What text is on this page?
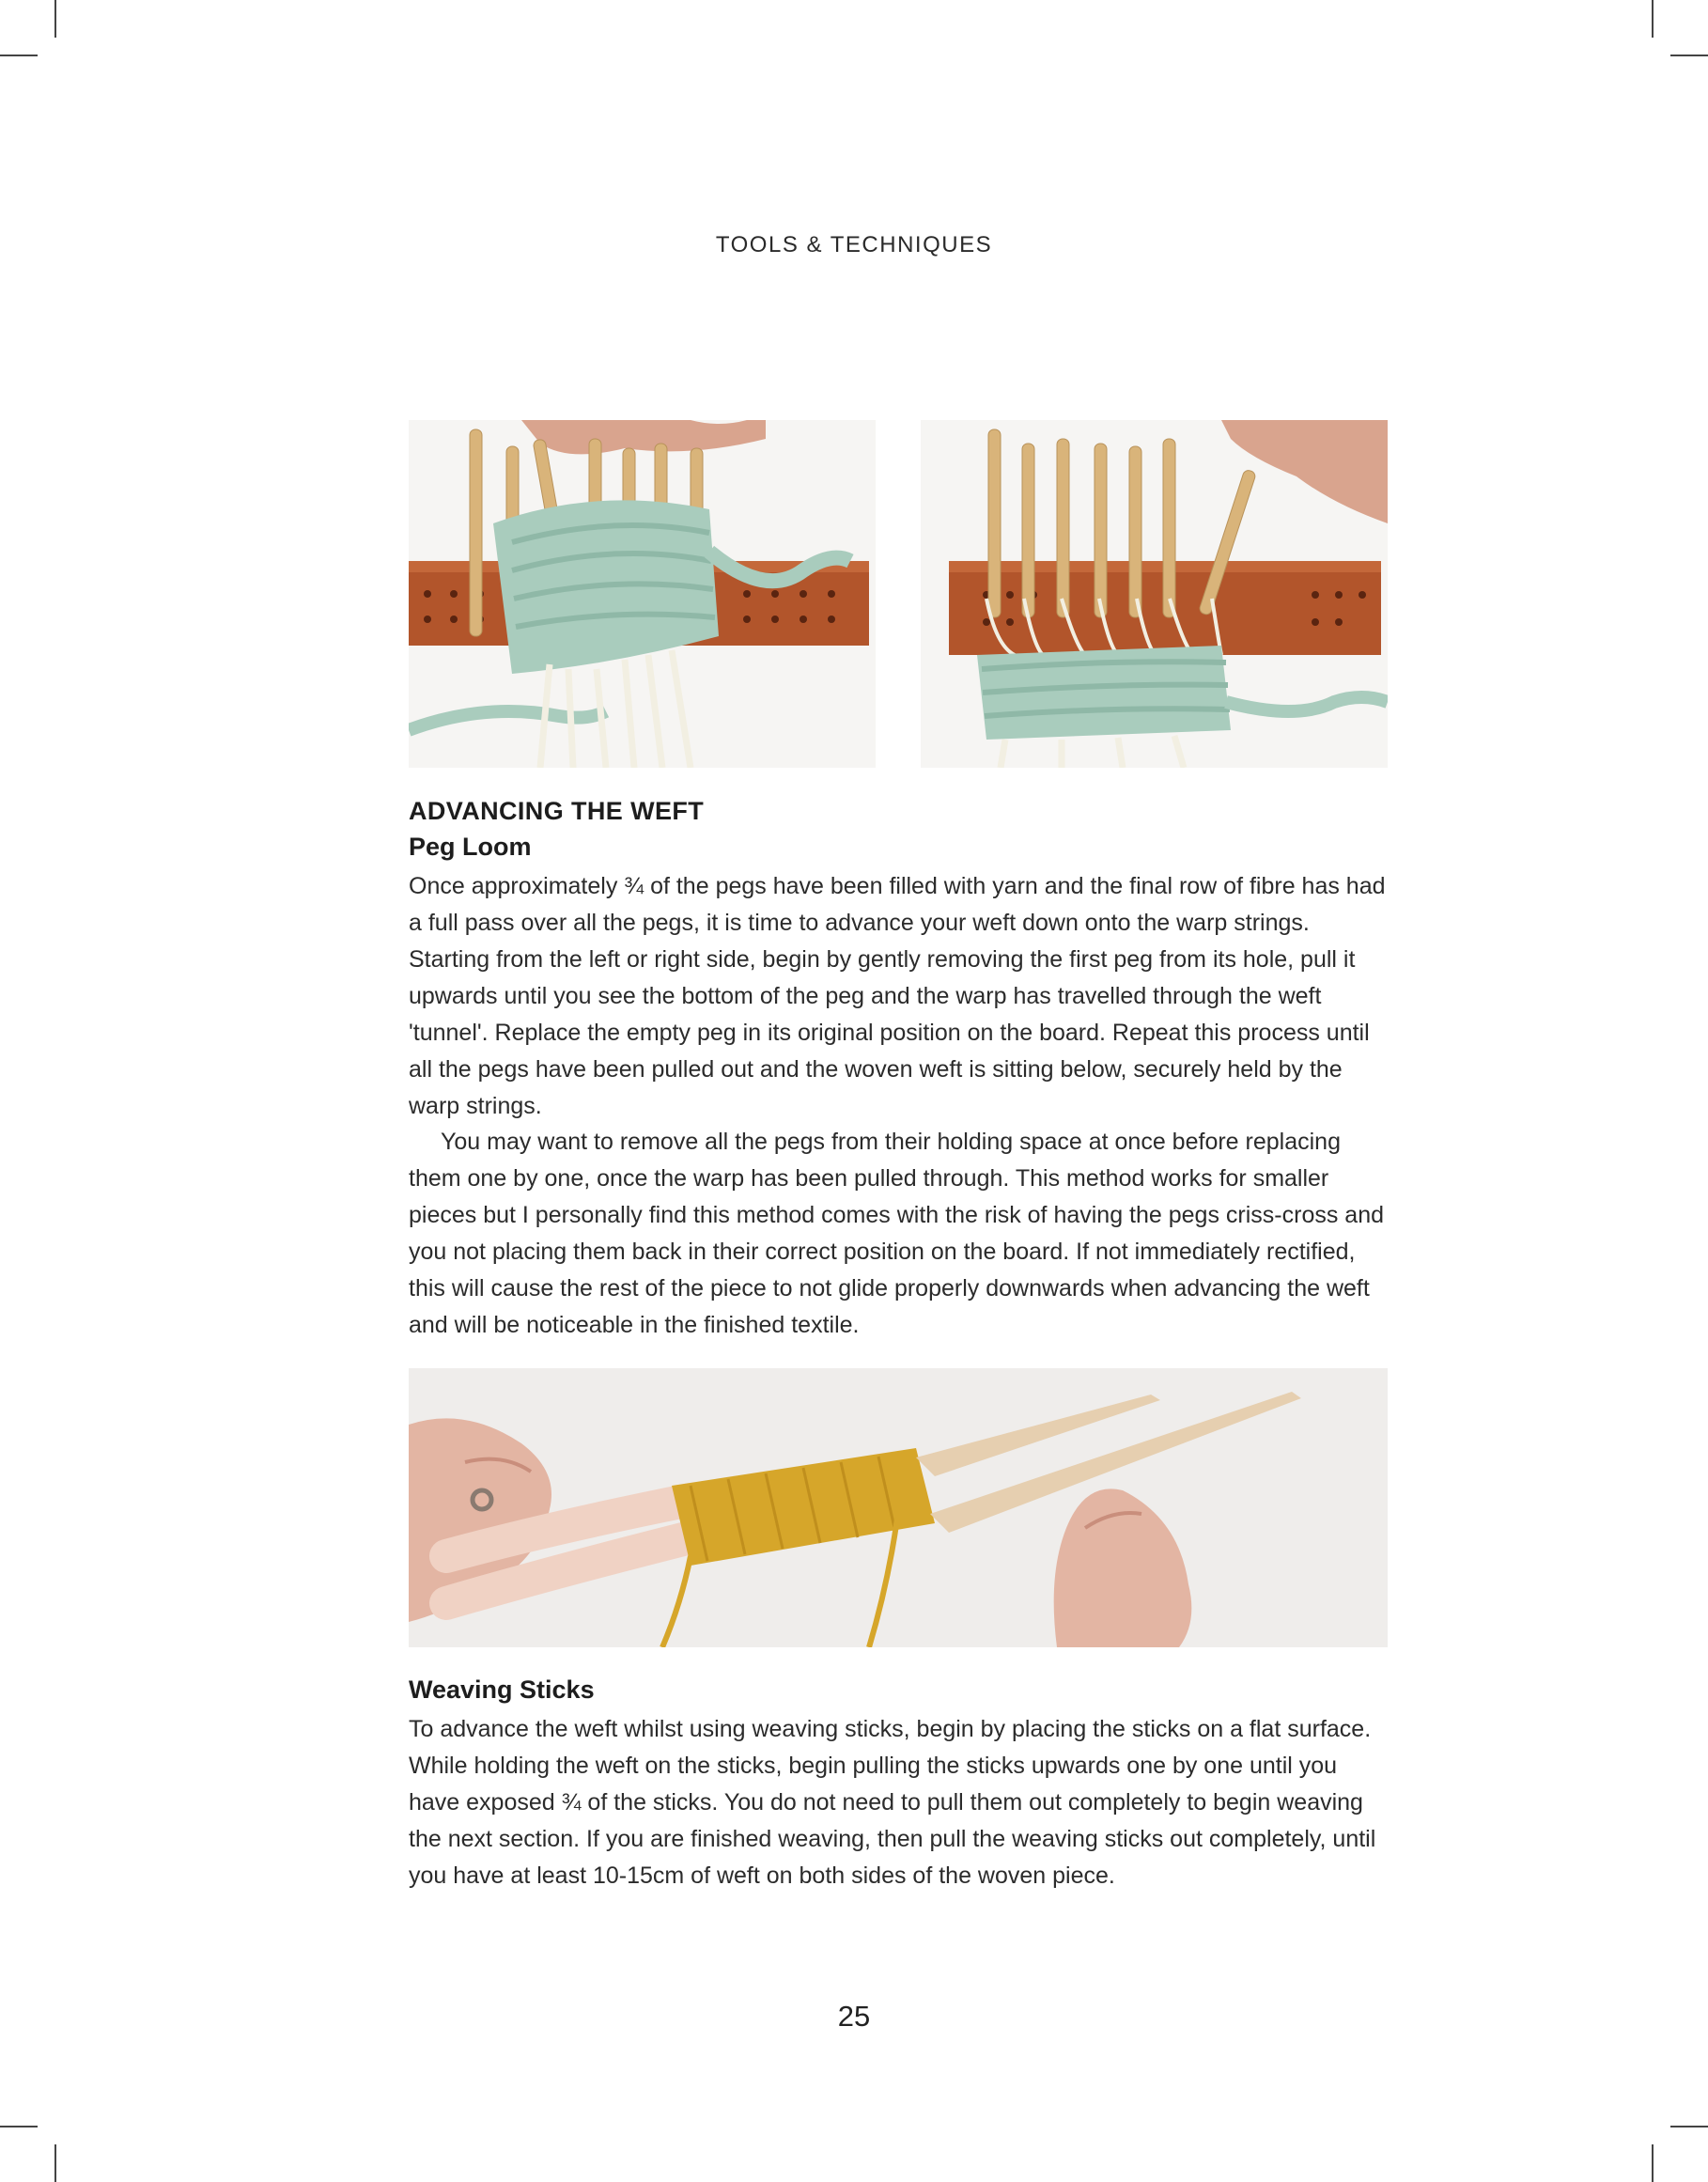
TOOLS & TECHNIQUES
ADVANCING THE WEFT
Peg Loom

Once approximately ¾ of the pegs have been filled with yarn and the final row of fibre has had a full pass over all the pegs, it is time to advance your weft down onto the warp strings. Starting from the left or right side, begin by gently removing the first peg from its hole, pull it upwards until you see the bottom of the peg and the warp has travelled through the weft 'tunnel'. Replace the empty peg in its original position on the board. Repeat this process until all the pegs have been pulled out and the woven weft is sitting below, securely held by the warp strings.

You may want to remove all the pegs from their holding space at once before replacing them one by one, once the warp has been pulled through. This method works for smaller pieces but I personally find this method comes with the risk of having the pegs criss-cross and you not placing them back in their correct position on the board. If not immediately rectified, this will cause the rest of the piece to not glide properly downwards when advancing the weft and will be noticeable in the finished textile.

Weaving Sticks

To advance the weft whilst using weaving sticks, begin by placing the sticks on a flat surface. While holding the weft on the sticks, begin pulling the sticks upwards one by one until you have exposed ¾ of the sticks. You do not need to pull them out completely to begin weaving the next section. If you are finished weaving, then pull the weaving sticks out completely, until you have at least 10-15cm of weft on both sides of the woven piece.

25
